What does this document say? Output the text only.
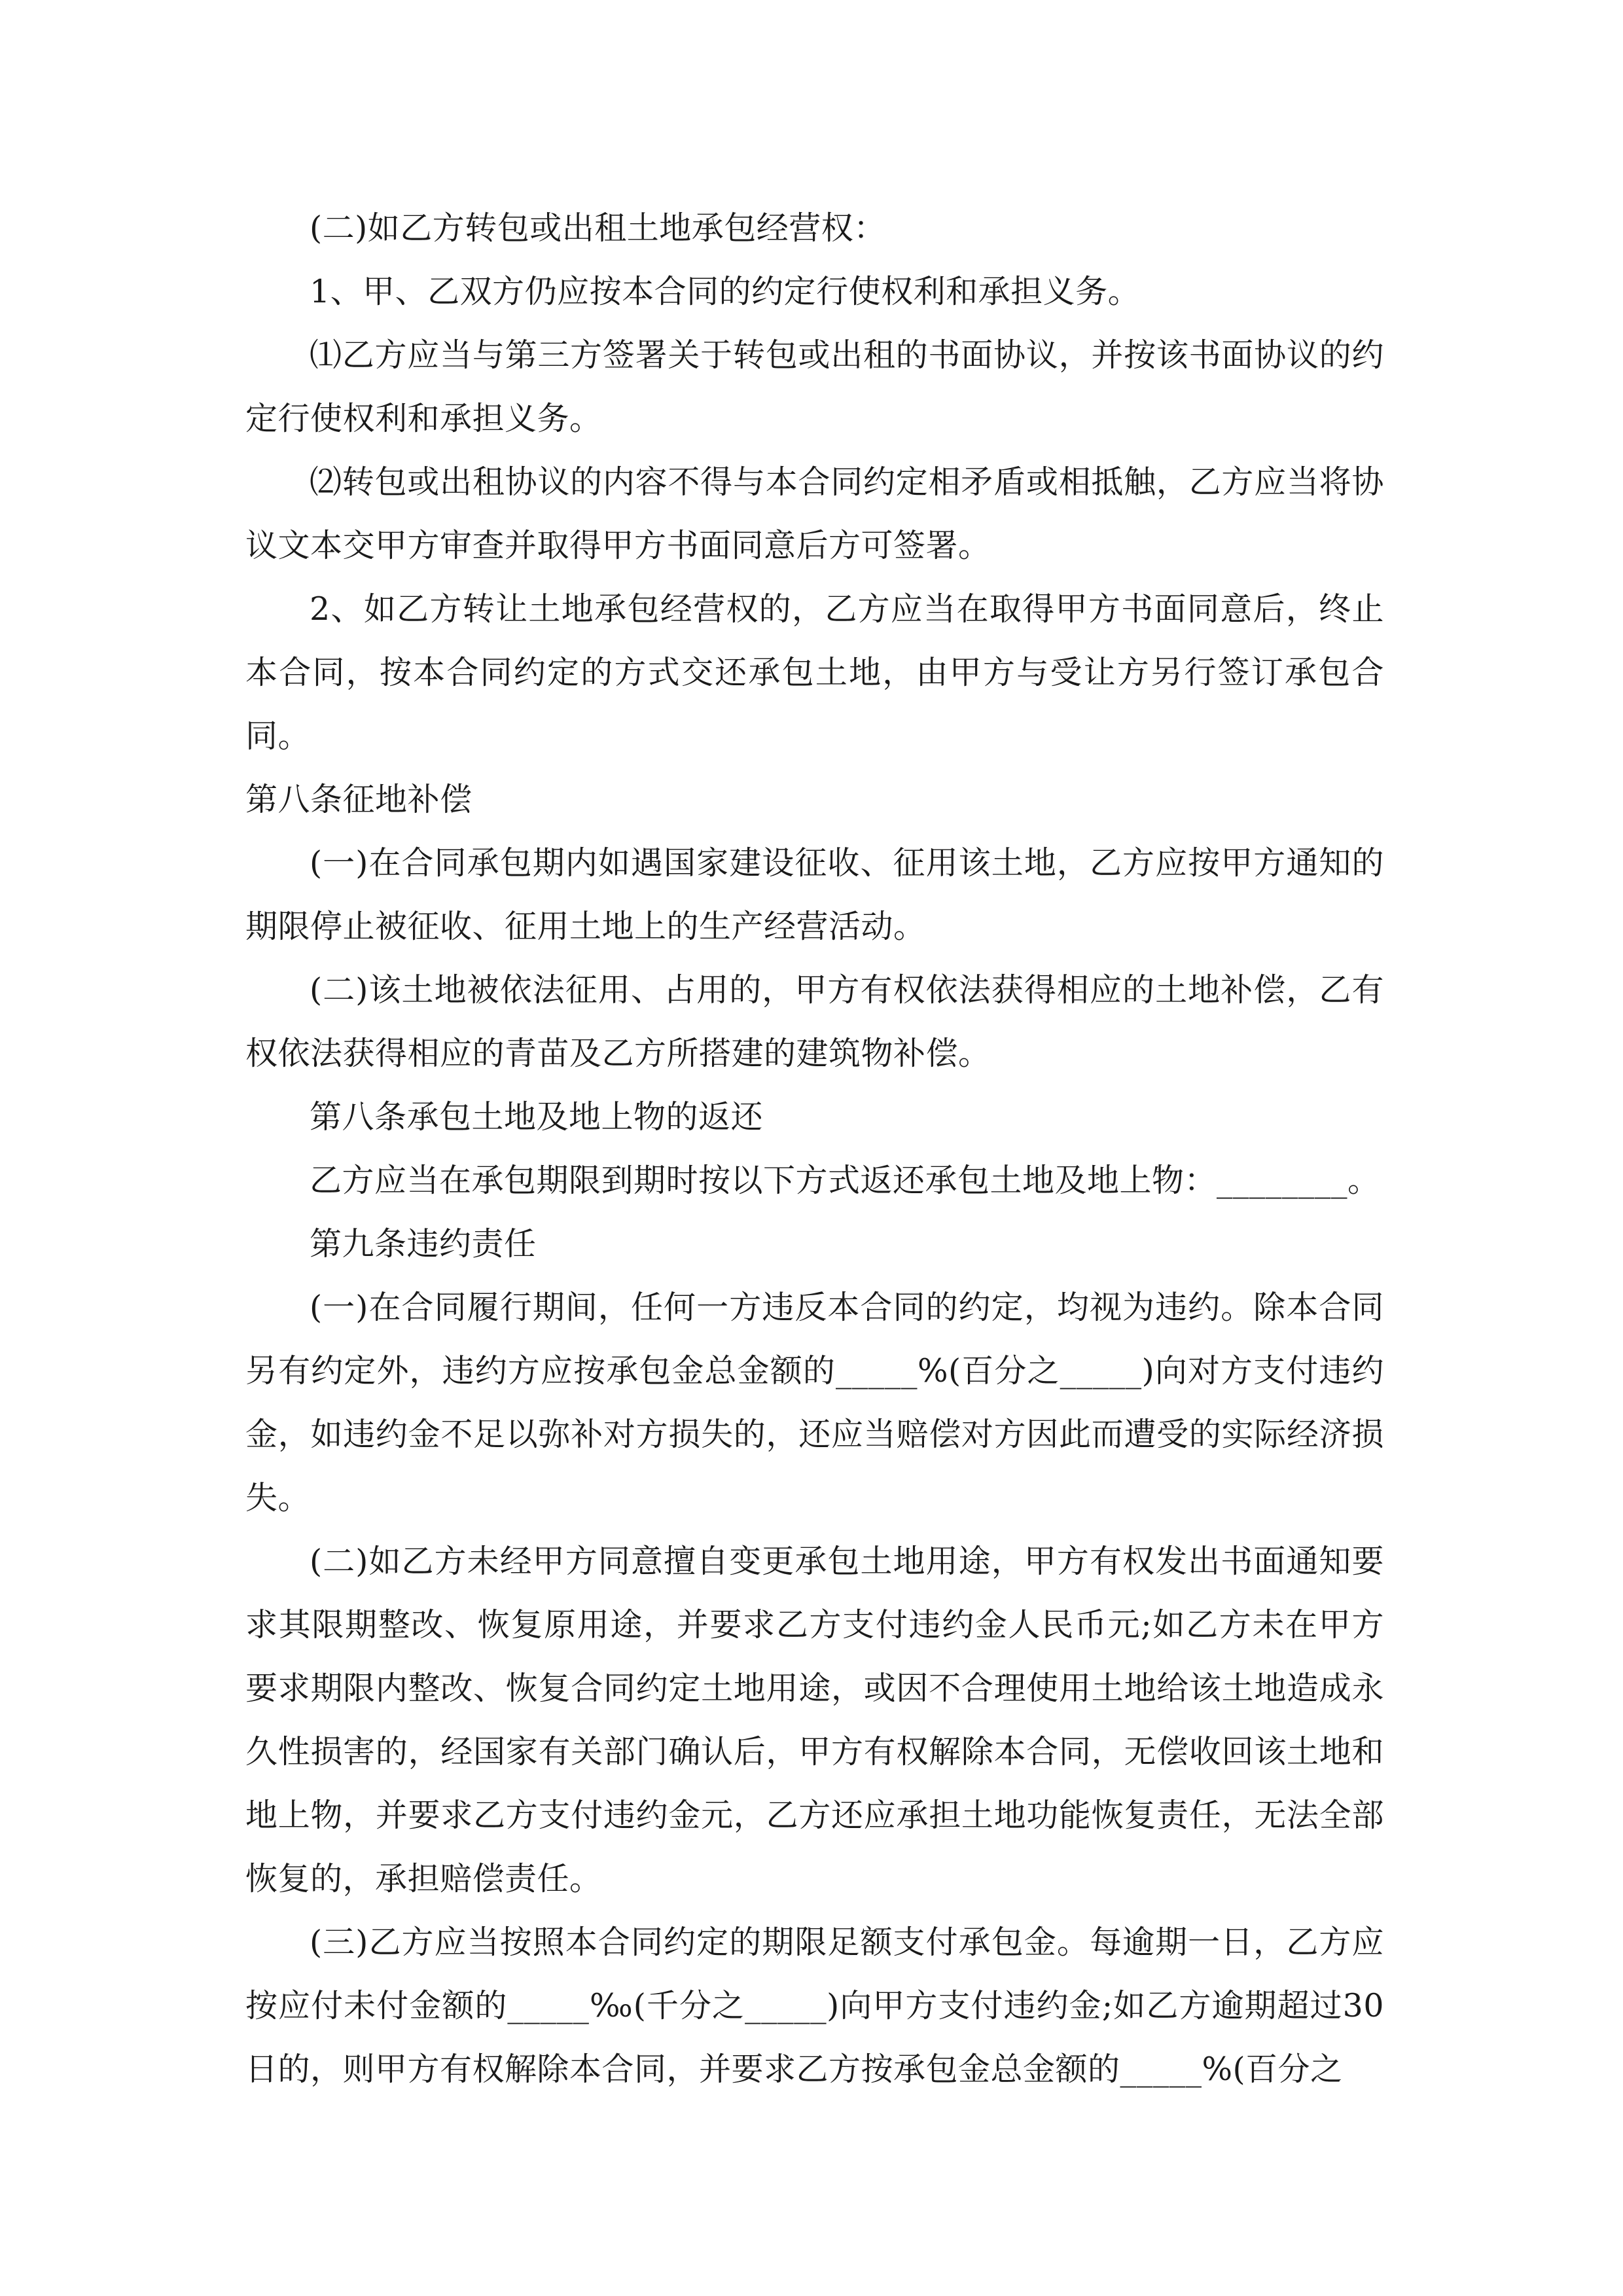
(二)如乙方转包或出租土地承包经营权：

1、甲、乙双方仍应按本合同的约定行使权利和承担义务。

⑴乙方应当与第三方签署关于转包或出租的书面协议，并按该书面协议的约定行使权利和承担义务。

⑵转包或出租协议的内容不得与本合同约定相矛盾或相抵触，乙方应当将协议文本交甲方审查并取得甲方书面同意后方可签署。

2、如乙方转让土地承包经营权的，乙方应当在取得甲方书面同意后，终止本合同，按本合同约定的方式交还承包土地，由甲方与受让方另行签订承包合同。

第八条征地补偿

(一)在合同承包期内如遇国家建设征收、征用该土地，乙方应按甲方通知的期限停止被征收、征用土地上的生产经营活动。

(二)该土地被依法征用、占用的，甲方有权依法获得相应的土地补偿，乙有权依法获得相应的青苗及乙方所搭建的建筑物补偿。

第八条承包土地及地上物的返还

乙方应当在承包期限到期时按以下方式返还承包土地及地上物：________。

第九条违约责任

(一)在合同履行期间，任何一方违反本合同的约定，均视为违约。除本合同另有约定外，违约方应按承包金总金额的_____%(百分之_____)向对方支付违约金，如违约金不足以弥补对方损失的，还应当赔偿对方因此而遭受的实际经济损失。

(二)如乙方未经甲方同意擅自变更承包土地用途，甲方有权发出书面通知要求其限期整改、恢复原用途，并要求乙方支付违约金人民币元;如乙方未在甲方要求期限内整改、恢复合同约定土地用途，或因不合理使用土地给该土地造成永久性损害的，经国家有关部门确认后，甲方有权解除本合同，无偿收回该土地和地上物，并要求乙方支付违约金元，乙方还应承担土地功能恢复责任，无法全部恢复的，承担赔偿责任。

(三)乙方应当按照本合同约定的期限足额支付承包金。每逾期一日，乙方应按应付未付金额的_____‰(千分之_____)向甲方支付违约金;如乙方逾期超过30日的，则甲方有权解除本合同，并要求乙方按承包金总金额的_____%(百分之
